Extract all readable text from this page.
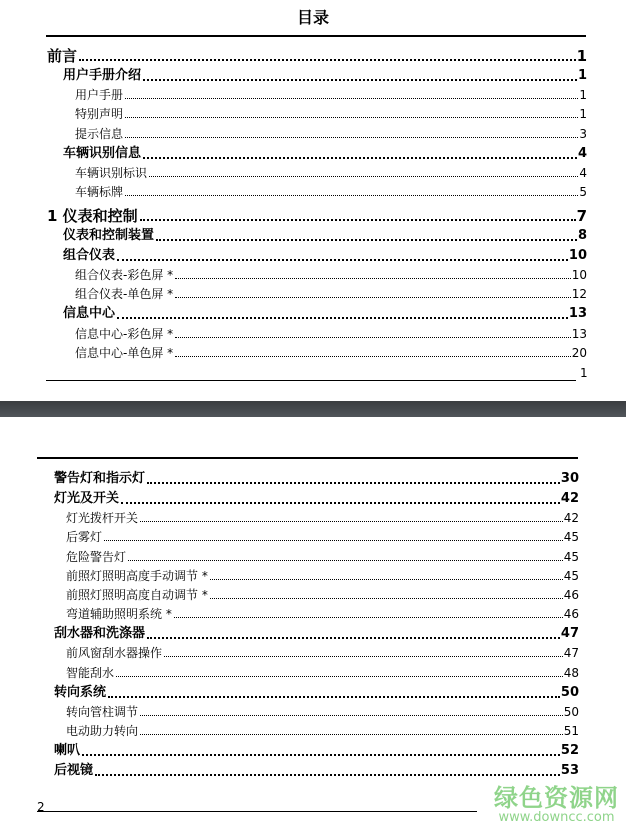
目录
前言	1
用户手册介绍	1
用户手册	1
特别声明	1
提示信息	3
车辆识别信息	4
车辆识别标识	4
车辆标牌	5
1 仪表和控制	7
仪表和控制装置	8
组合仪表	10
组合仪表-彩色屏 *	10
组合仪表-单色屏 *	12
信息中心	13
信息中心-彩色屏 *	13
信息中心-单色屏 *	20
1
警告灯和指示灯	30
灯光及开关	42
灯光拨杆开关	42
后雾灯	45
危险警告灯	45
前照灯照明高度手动调节 *	45
前照灯照明高度自动调节 *	46
弯道辅助照明系统 *	46
刮水器和洗涤器	47
前风窗刮水器操作	47
智能刮水	48
转向系统	50
转向管柱调节	50
电动助力转向	51
喇叭	52
后视镜	53
2	绿色资源网
www.downcc.com
